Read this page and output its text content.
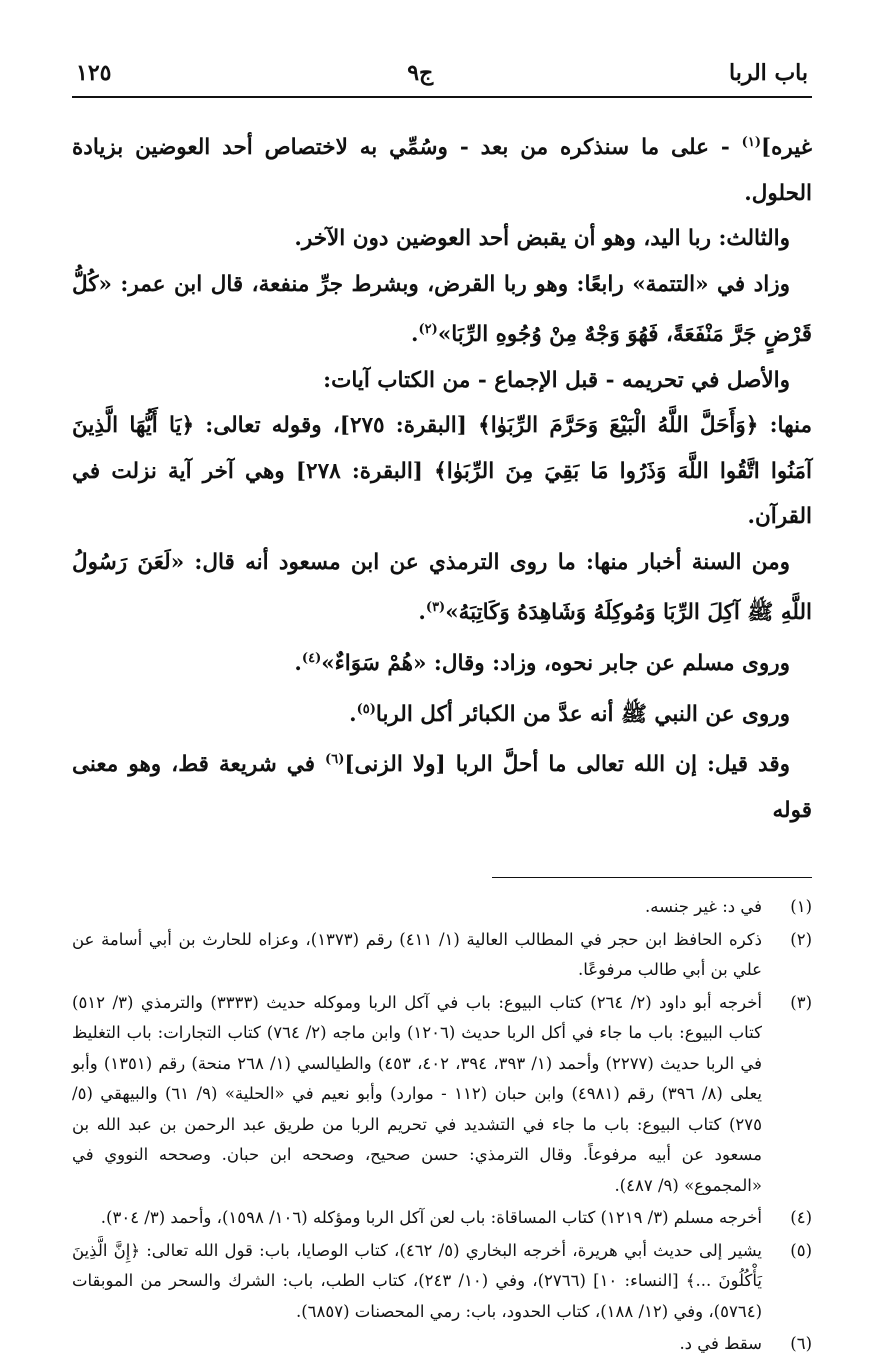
باب الربا
ج٩
١٢٥

غيره]$^{(١)}$ - على ما سنذكره من بعد - وسُمِّي به لاختصاص أحد العوضين بزيادة الحلول.

والثالث: ربا اليد، وهو أن يقبض أحد العوضين دون الآخر.

وزاد في «التتمة» رابعًا: وهو ربا القرض، وبشرط جرِّ منفعة، قال ابن عمر: «كُلُّ قَرْضٍ جَرَّ مَنْفَعَةً، فَهُوَ وَجْهٌ مِنْ وُجُوهِ الرِّبَا»$^{(٢)}$.

والأصل في تحريمه - قبل الإجماع - من الكتاب آيات:

منها: ﴿وَأَحَلَّ اللَّهُ الْبَيْعَ وَحَرَّمَ الرِّبَوٰا﴾ [البقرة: ٢٧٥]، وقوله تعالى: ﴿يَا أَيُّهَا الَّذِينَ آمَنُوا اتَّقُوا اللَّهَ وَذَرُوا مَا بَقِيَ مِنَ الرِّبَوٰا﴾ [البقرة: ٢٧٨] وهي آخر آية نزلت في القرآن.

ومن السنة أخبار منها: ما روى الترمذي عن ابن مسعود أنه قال: «لَعَنَ رَسُولُ اللَّهِ ﷺ آكِلَ الرِّبَا وَمُوكِلَهُ وَشَاهِدَهُ وَكَاتِبَهُ»$^{(٣)}$.

وروى مسلم عن جابر نحوه، وزاد: وقال: «هُمْ سَوَاءٌ»$^{(٤)}$.

وروى عن النبي ﷺ أنه عدَّ من الكبائر أكل الربا$^{(٥)}$.

وقد قيل: إن الله تعالى ما أحلَّ الربا [ولا الزنى]$^{(٦)}$ في شريعة قط، وهو معنى قوله

(١)
في د: غير جنسه.
(٢)
ذكره الحافظ ابن حجر في المطالب العالية (١/ ٤١١) رقم (١٣٧٣)، وعزاه للحارث بن أبي أسامة عن علي بن أبي طالب مرفوعًا.
(٣)
أخرجه أبو داود (٢/ ٢٦٤) كتاب البيوع: باب في آكل الربا وموكله حديث (٣٣٣٣) والترمذي (٣/ ٥١٢) كتاب البيوع: باب ما جاء في أكل الربا حديث (١٢٠٦) وابن ماجه (٢/ ٧٦٤) كتاب التجارات: باب التغليظ في الربا حديث (٢٢٧٧) وأحمد (١/ ٣٩٣، ٣٩٤، ٤٠٢، ٤٥٣) والطيالسي (١/ ٢٦٨ منحة) رقم (١٣٥١) وأبو يعلى (٨/ ٣٩٦) رقم (٤٩٨١) وابن حبان (١١٢ - موارد) وأبو نعيم في «الحلية» (٩/ ٦١) والبيهقي (٥/ ٢٧٥) كتاب البيوع: باب ما جاء في التشديد في تحريم الربا من طريق عبد الرحمن بن عبد الله بن مسعود عن أبيه مرفوعاً. وقال الترمذي: حسن صحيح، وصححه ابن حبان. وصححه النووي في «المجموع» (٩/ ٤٨٧).
(٤)
أخرجه مسلم (٣/ ١٢١٩) كتاب المساقاة: باب لعن آكل الربا ومؤكله (١٠٦/ ١٥٩٨)، وأحمد (٣/ ٣٠٤).
(٥)
يشير إلى حديث أبي هريرة، أخرجه البخاري (٥/ ٤٦٢)، كتاب الوصايا، باب: قول الله تعالى: ﴿إِنَّ الَّذِينَ يَأْكُلُونَ ...﴾ [النساء: ١٠] (٢٧٦٦)، وفي (١٠/ ٢٤٣)، كتاب الطب، باب: الشرك والسحر من الموبقات (٥٧٦٤)، وفي (١٢/ ١٨٨)، كتاب الحدود، باب: رمي المحصنات (٦٨٥٧).
(٦)
سقط في د.
